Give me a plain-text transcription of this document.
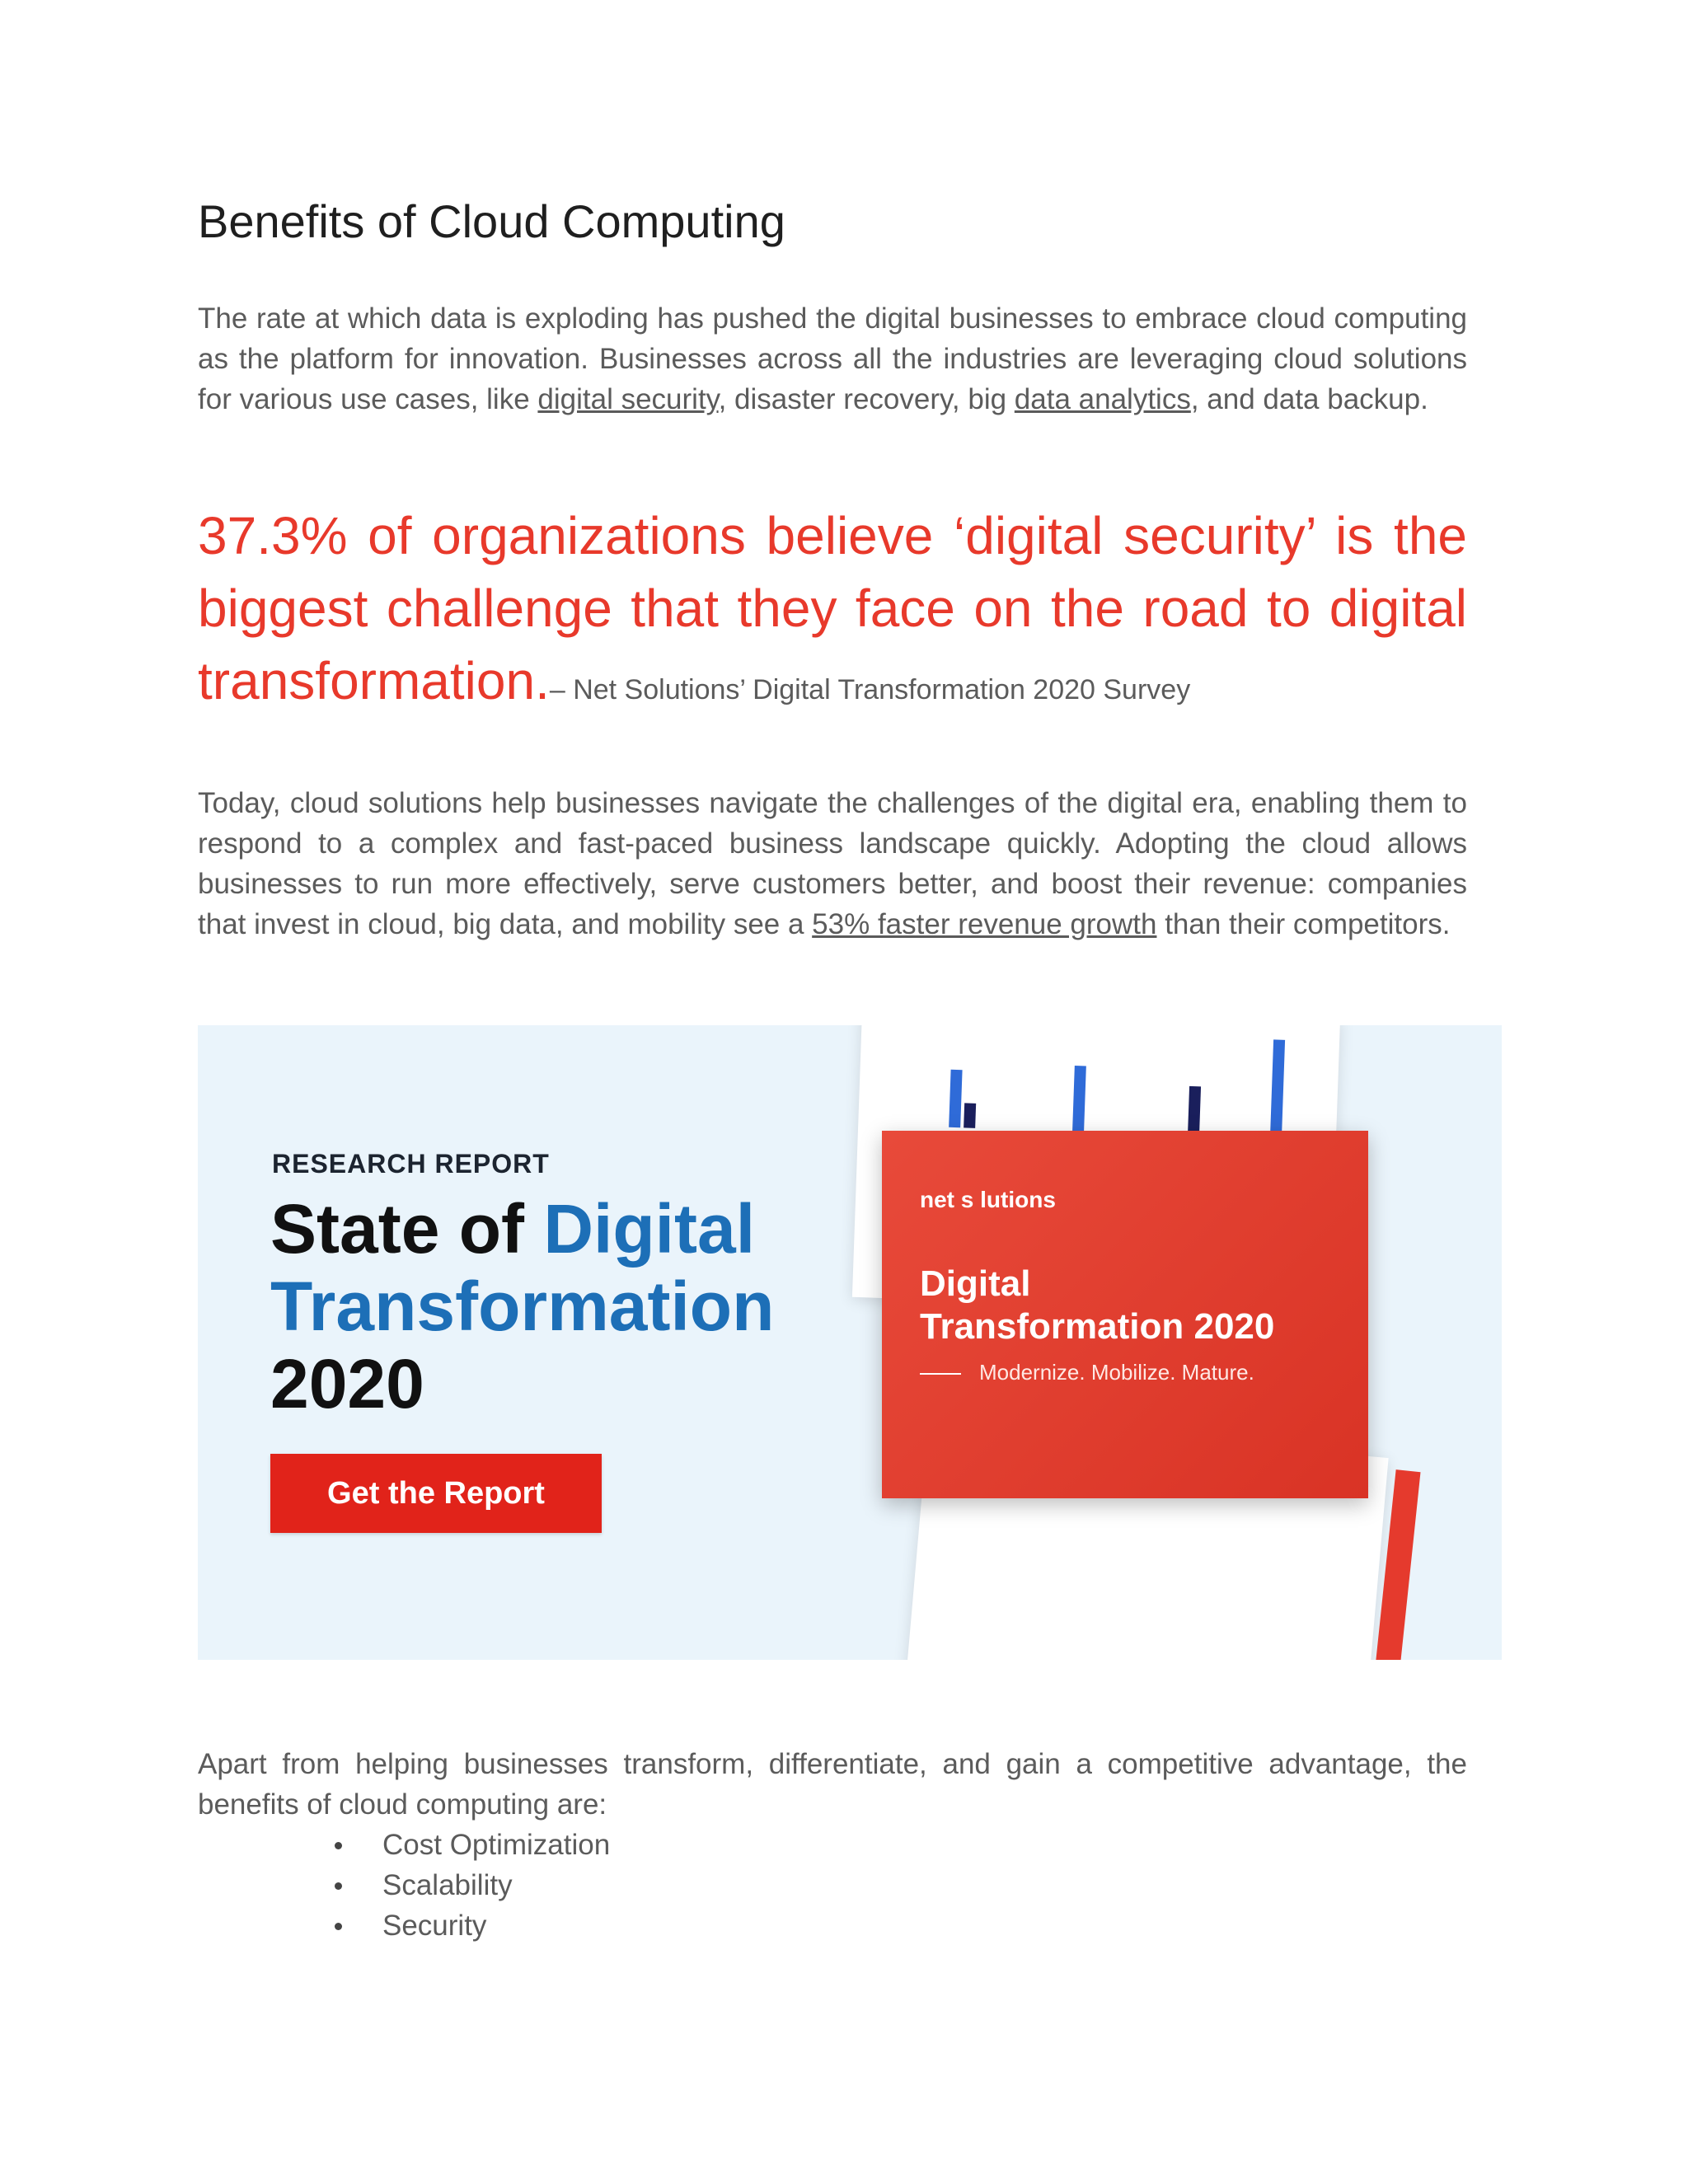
Benefits of Cloud Computing

The rate at which data is exploding has pushed the digital businesses to embrace cloud computing as the platform for innovation. Businesses across all the industries are leveraging cloud solutions for various use cases, like digital security, disaster recovery, big data analytics, and data backup.

37.3% of organizations believe ‘digital security’ is the biggest challenge that they face on the road to digital transformation.– Net Solutions’ Digital Transformation 2020 Survey

Today, cloud solutions help businesses navigate the challenges of the digital era, enabling them to respond to a complex and fast-paced business landscape quickly. Adopting the cloud allows businesses to run more effectively, serve customers better, and boost their revenue: companies that invest in cloud, big data, and mobility see a 53% faster revenue growth than their competitors.

net s lutions
Digital
Transformation 2020
Modernize. Mobilize. Mature.
RESEARCH REPORT
State of Digital Transformation
2020
Get the Report

Apart from helping businesses transform, differentiate, and gain a competitive advantage, the benefits of cloud computing are:

Cost Optimization
Scalability
Security
